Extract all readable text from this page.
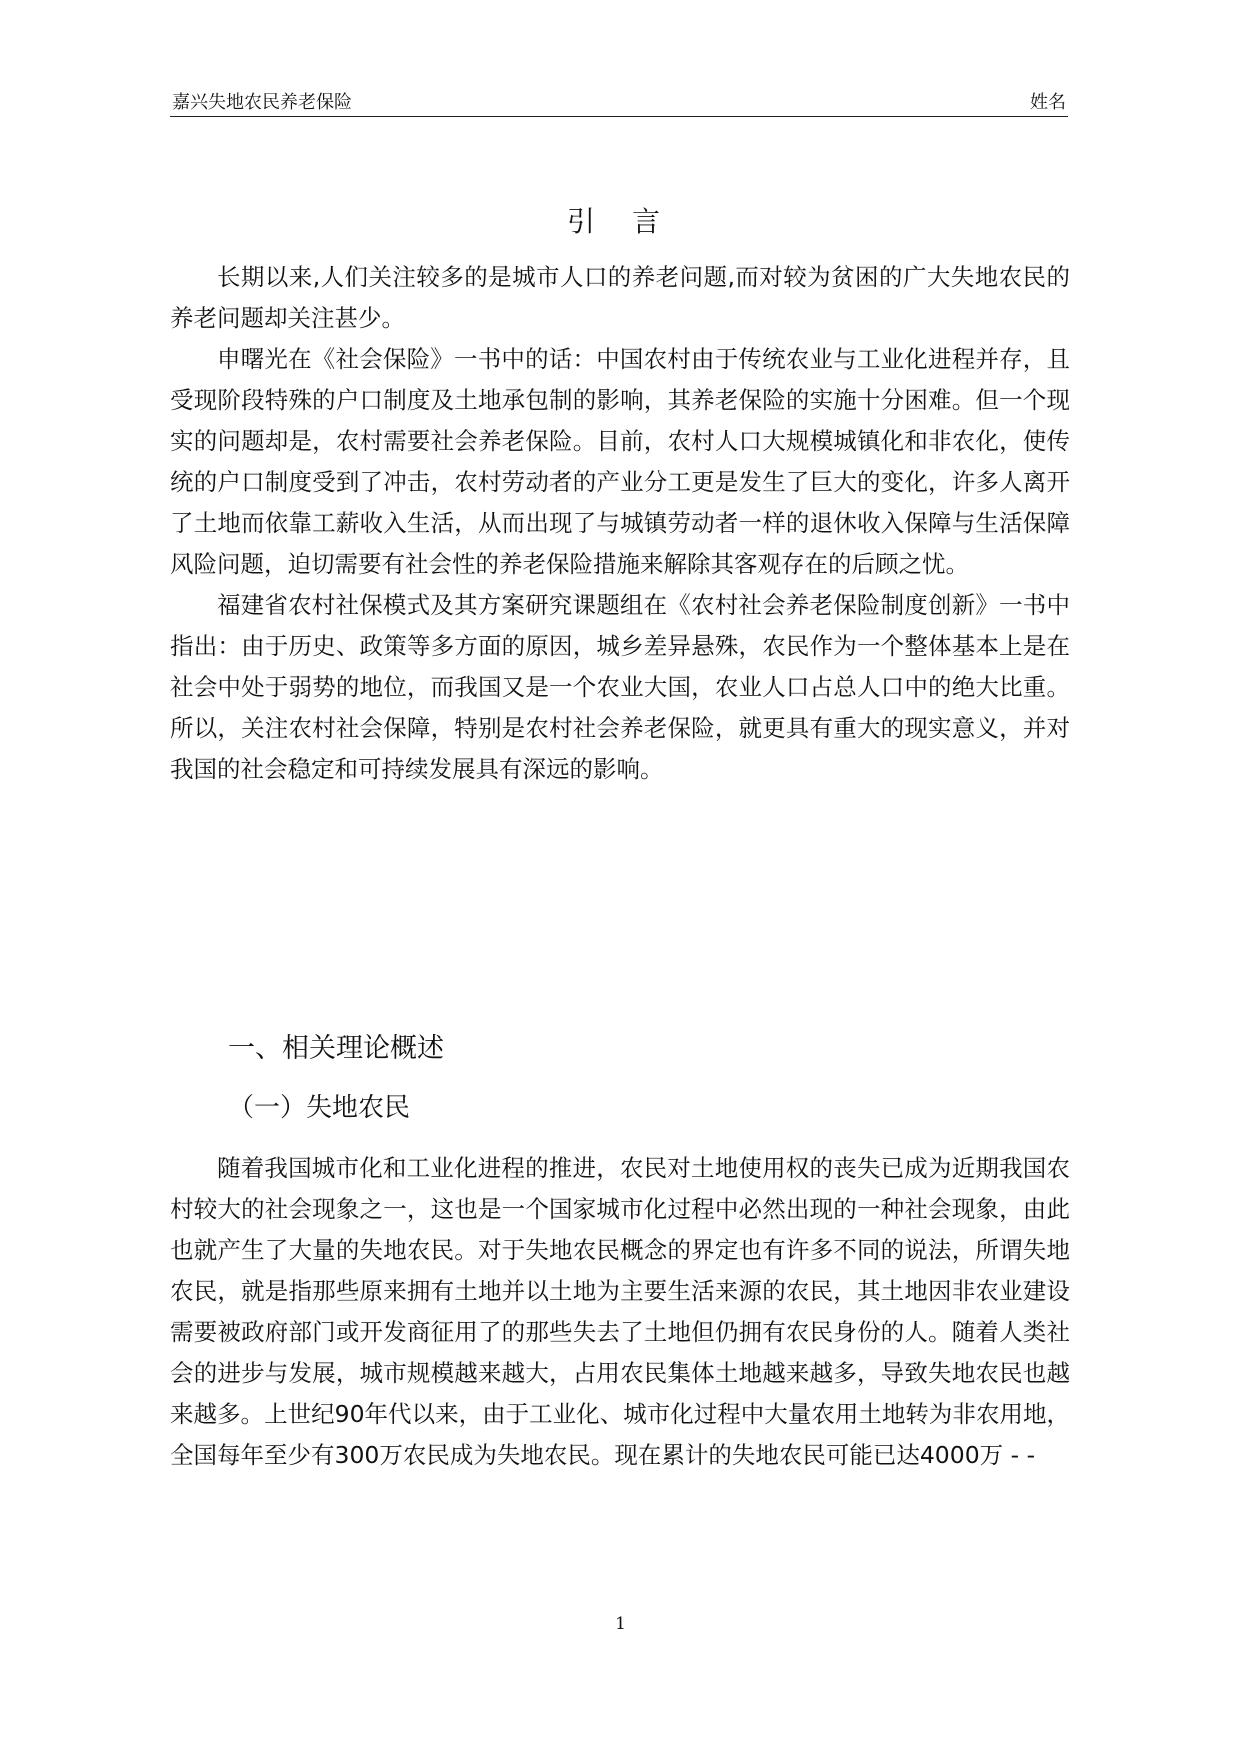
嘉兴失地农民养老保险	姓名
引 言

长期以来,人们关注较多的是城市人口的养老问题,而对较为贫困的广大失地农民的养老问题却关注甚少。

申曙光在《社会保险》一书中的话：中国农村由于传统农业与工业化进程并存，且受现阶段特殊的户口制度及土地承包制的影响，其养老保险的实施十分困难。但一个现实的问题却是，农村需要社会养老保险。目前，农村人口大规模城镇化和非农化，使传统的户口制度受到了冲击，农村劳动者的产业分工更是发生了巨大的变化，许多人离开了土地而依靠工薪收入生活，从而出现了与城镇劳动者一样的退休收入保障与生活保障风险问题，迫切需要有社会性的养老保险措施来解除其客观存在的后顾之忧。

福建省农村社保模式及其方案研究课题组在《农村社会养老保险制度创新》一书中指出：由于历史、政策等多方面的原因，城乡差异悬殊，农民作为一个整体基本上是在社会中处于弱势的地位，而我国又是一个农业大国，农业人口占总人口中的绝大比重。所以，关注农村社会保障，特别是农村社会养老保险，就更具有重大的现实意义，并对我国的社会稳定和可持续发展具有深远的影响。

一、相关理论概述
（一）失地农民

随着我国城市化和工业化进程的推进，农民对土地使用权的丧失已成为近期我国农村较大的社会现象之一，这也是一个国家城市化过程中必然出现的一种社会现象，由此也就产生了大量的失地农民。对于失地农民概念的界定也有许多不同的说法，所谓失地农民，就是指那些原来拥有土地并以土地为主要生活来源的农民，其土地因非农业建设需要被政府部门或开发商征用了的那些失去了土地但仍拥有农民身份的人。随着人类社会的进步与发展，城市规模越来越大，占用农民集体土地越来越多，导致失地农民也越来越多。上世纪90年代以来，由于工业化、城市化过程中大量农用土地转为非农用地，全国每年至少有300万农民成为失地农民。现在累计的失地农民可能已达4000万 - -

1
